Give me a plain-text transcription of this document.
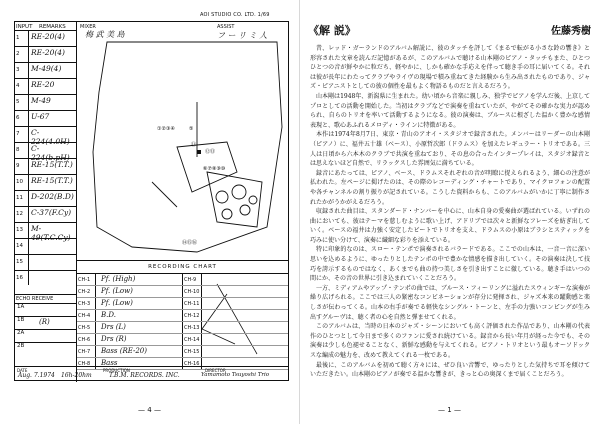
AOI STUDIO CO. LTD. 1/69
INPUT REMARKS
1 RE-20(4)
2 RE-20(4)
3 M-49(4)
4 RE-20
5 M-49
6 U-67
7 C-224(4.0H)
8 C-224(b.pH)
9 RE-15(T.T.)
10 RE-15(T.T.)
11 D-202(B.D)
12 C-37(F.Cy)
13 M-49(T.C.Cy)
14
15
16
ECHO RECEIVE
1A
1B (R)
2A
2B
MIXER	ASSIST
梅 武 美 島	フ ー リ ミ 人
①②③④	⑤
⑪
⑫⑬
⑥⑦⑧⑨⑩
⑭⑮⑯
RECORDING CHART
CH-1 Pf. (High)	CH-9
CH-2 Pf. (Low)	CH-10
CH-3 Pf. (Low)	CH-11
CH-4 B.D.	CH-12
CH-5 Drs (L)	CH-13
CH-6 Drs (R)	CH-14
CH-7 Bass (RE-20)	CH-15
CH-8 Bass	CH-16
DATE
Aug. 7.1974 16h-20hm
PRODUCTION
T.B.M. RECORDS. INC.
DIRECTOR
Yamamoto Tsuyoshi Trio
— 4 —
《解 説》	佐藤秀樹

昔、レッド・ガーランドのアルバム解説に、彼のタッチを評して《まるで転がる小さな鈴の響き》と形容された文章を読んだ記憶があるが、このアルバムで聴ける山本剛のピアノ・タッチもまた、ひとつひとつの音が鮮やかに粒だち、軽やかに、しかも確かな手応えを伴って聴き手の耳に届いてくる。それは彼が長年にわたってクラブやライヴの現場で積み重ねてきた経験から生み出されたものであり、ジャズ・ピアニストとしての彼の個性を最もよく物語るものだと言えるだろう。

山本剛は1948年、新潟県に生まれた。幼い頃から音楽に親しみ、独学でピアノを学んだ後、上京してプロとしての活動を開始した。当初はクラブなどで演奏を重ねていたが、やがてその確かな実力が認められ、自らのトリオを率いて活動するようになる。彼の演奏は、ブルースに根ざした温かく豊かな感情表現と、歌心あふれるメロディ・ラインに特徴がある。

本作は1974年8月7日、東京・青山のアオイ・スタジオで録音された。メンバーはリーダーの山本剛（ピアノ）に、福井五十雄（ベース）、小原哲次郎（ドラムス）を加えたレギュラー・トリオである。三人は日頃から六本木のクラブで共演を重ねており、その息の合ったインタープレイは、スタジオ録音とは思えないほど自然で、リラックスした雰囲気に満ちている。

録音にあたっては、ピアノ、ベース、ドラムスそれぞれの音が明瞭に捉えられるよう、細心の注意が払われた。左ページに掲げたのは、その際のレコーディング・チャートであり、マイクロフォンの配置や各チャンネルの割り振りが記されている。こうした資料からも、このアルバムがいかに丁寧に制作されたかがうかがえるだろう。

収録された曲目は、スタンダード・ナンバーを中心に、山本自身の愛奏曲が選ばれている。いずれの曲においても、彼はテーマを慈しむように歌い上げ、アドリブでは次々と新鮮なフレーズを紡ぎ出していく。ベースの福井は力強く安定したビートでトリオを支え、ドラムスの小原はブラシとスティックを巧みに使い分けて、演奏に繊細な彩りを添えている。

特に印象的なのは、スロー・テンポで演奏されるバラードである。ここでの山本は、一音一音に深い思いを込めるように、ゆったりとしたテンポの中で豊かな情感を描き出していく。その演奏は決して技巧を誇示するものではなく、あくまでも曲の持つ美しさを引き出すことに徹している。聴き手はいつの間にか、その音の世界に引き込まれていくことだろう。

一方、ミディアムやアップ・テンポの曲では、ブルース・フィーリングに溢れたスウィンギーな演奏が繰り広げられる。ここでは三人の緊密なコンビネーションが存分に発揮され、ジャズ本来の躍動感と楽しさが伝わってくる。山本の右手が奏でる軽快なシングル・トーンと、左手の力強いコンピングが生み出すグルーヴは、聴く者の心を自然と弾ませてくれる。

このアルバムは、当時の日本のジャズ・シーンにおいても高く評価された作品であり、山本剛の代表作のひとつとして今日まで多くのファンに愛され続けている。録音から長い年月が経った今でも、その演奏は少しも色褪せることなく、新鮮な感動を与えてくれる。ピアノ・トリオという最もオーソドックスな編成の魅力を、改めて教えてくれる一枚である。

最後に、このアルバムを初めて聴く方々には、ぜひ良い音響で、ゆったりとした気持ちで耳を傾けていただきたい。山本剛のピアノが奏でる温かな響きが、きっと心の奥深くまで届くことだろう。

— 1 —
